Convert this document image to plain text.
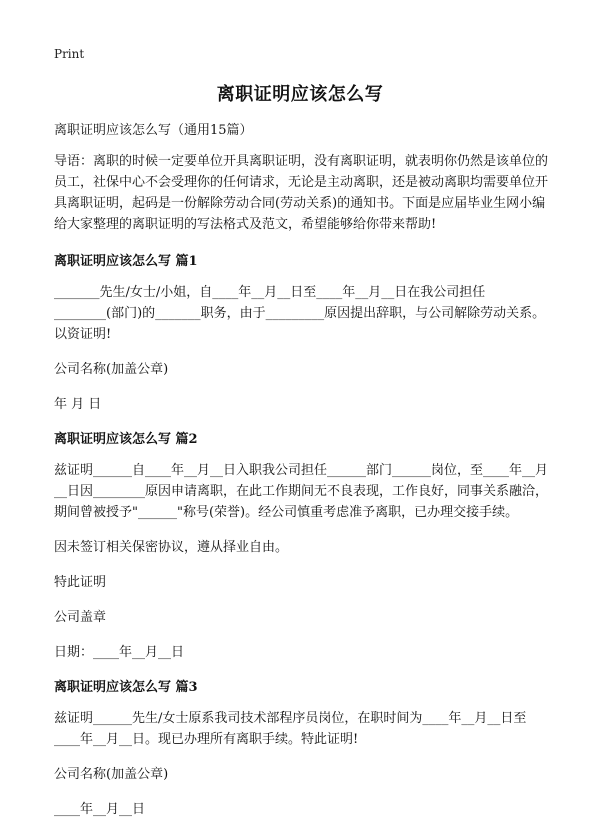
Print
离职证明应该怎么写

离职证明应该怎么写（通用15篇）

导语：离职的时候一定要单位开具离职证明，没有离职证明，就表明你仍然是该单位的员工，社保中心不会受理你的任何请求，无论是主动离职，还是被动离职均需要单位开具离职证明，起码是一份解除劳动合同(劳动关系)的通知书。下面是应届毕业生网小编给大家整理的离职证明的写法格式及范文，希望能够给你带来帮助!

离职证明应该怎么写 篇1

_______先生/女士/小姐，自____年__月__日至____年__月__日在我公司担任________(部门)的_______职务，由于_________原因提出辞职，与公司解除劳动关系。以资证明!

公司名称(加盖公章)

年 月 日

离职证明应该怎么写 篇2

兹证明______自____年__月__日入职我公司担任______部门______岗位，至____年__月__日因________原因申请离职，在此工作期间无不良表现，工作良好，同事关系融洽，期间曾被授予"______"称号(荣誉)。经公司慎重考虑准予离职，已办理交接手续。

因未签订相关保密协议，遵从择业自由。

特此证明

公司盖章

日期：____年__月__日

离职证明应该怎么写 篇3

兹证明______先生/女士原系我司技术部程序员岗位，在职时间为____年__月__日至____年__月__日。现已办理所有离职手续。特此证明!

公司名称(加盖公章)

____年__月__日
